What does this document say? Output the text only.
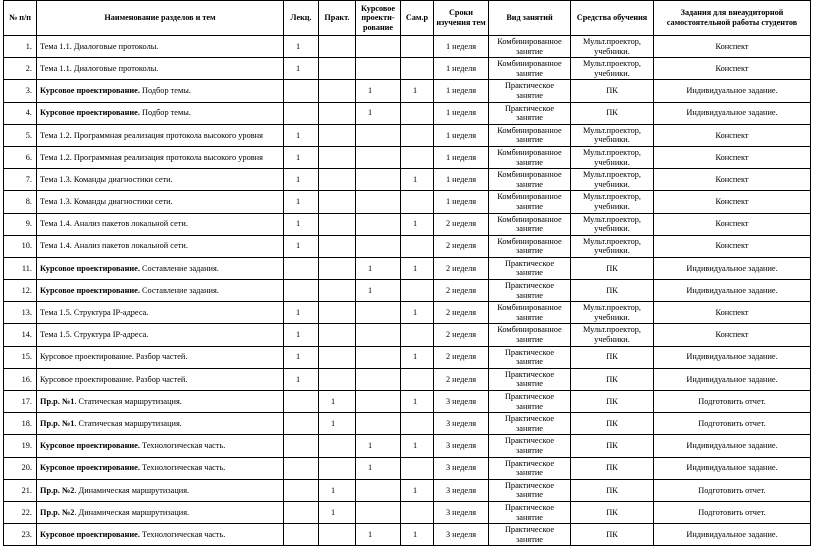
№ п/п	Наименование разделов и тем	Лекц.	Практ.	Курсовое проекти-рование	Сам.р	Сроки изучения тем	Вид занятий	Средства обучения	Задания для внеаудиторной самостоятельной работы студентов
1.	Тема 1.1. Диалоговые протоколы.	1				1 неделя	Комбинированное занятие	Мульт.проектор, учебники.	Конспект
2.	Тема 1.1. Диалоговые протоколы.	1				1 неделя	Комбинированное занятие	Мульт.проектор, учебники.	Конспект
3.	Курсовое проектирование. Подбор темы.			1	1	1 неделя	Практическое занятие	ПК	Индивидуальное задание.
4.	Курсовое проектирование. Подбор темы.			1		1 неделя	Практическое занятие	ПК	Индивидуальное задание.
5.	Тема 1.2. Программная реализация протокола высокого уровня	1				1 неделя	Комбинированное занятие	Мульт.проектор, учебники.	Конспект
6.	Тема 1.2. Программная реализация протокола высокого уровня	1				1 неделя	Комбинированное занятие	Мульт.проектор, учебники.	Конспект
7.	Тема 1.3. Команды диагностики сети.	1			1	1 неделя	Комбинированное занятие	Мульт.проектор, учебники.	Конспект
8.	Тема 1.3. Команды диагностики сети.	1				1 неделя	Комбинированное занятие	Мульт.проектор, учебники.	Конспект
9.	Тема 1.4. Анализ пакетов локальной сети.	1			1	2 неделя	Комбинированное занятие	Мульт.проектор, учебники.	Конспект
10.	Тема 1.4. Анализ пакетов локальной сети.	1				2 неделя	Комбинированное занятие	Мульт.проектор, учебники.	Конспект
11.	Курсовое проектирование. Составление задания.			1	1	2 неделя	Практическое занятие	ПК	Индивидуальное задание.
12.	Курсовое проектирование. Составление задания.			1		2 неделя	Практическое занятие	ПК	Индивидуальное задание.
13.	Тема 1.5. Структура IP-адреса.	1			1	2 неделя	Комбинированное занятие	Мульт.проектор, учебники.	Конспект
14.	Тема 1.5. Структура IP-адреса.	1				2 неделя	Комбинированное занятие	Мульт.проектор, учебники.	Конспект
15.	Курсовое проектирование. Разбор частей.	1			1	2 неделя	Практическое занятие	ПК	Индивидуальное задание.
16.	Курсовое проектирование. Разбор частей.	1				2 неделя	Практическое занятие	ПК	Индивидуальное задание.
17.	Пр.р. №1. Статическая маршрутизация.		1		1	3 неделя	Практическое занятие	ПК	Подготовить отчет.
18.	Пр.р. №1. Статическая маршрутизация.		1			3 неделя	Практическое занятие	ПК	Подготовить отчет.
19.	Курсовое проектирование. Технологическая часть.			1	1	3 неделя	Практическое занятие	ПК	Индивидуальное задание.
20.	Курсовое проектирование. Технологическая часть.			1		3 неделя	Практическое занятие	ПК	Индивидуальное задание.
21.	Пр.р. №2. Динамическая маршрутизация.		1		1	3 неделя	Практическое занятие	ПК	Подготовить отчет.
22.	Пр.р. №2. Динамическая маршрутизация.		1			3 неделя	Практическое занятие	ПК	Подготовить отчет.
23.	Курсовое проектирование. Технологическая часть.			1	1	3 неделя	Практическое занятие	ПК	Индивидуальное задание.
